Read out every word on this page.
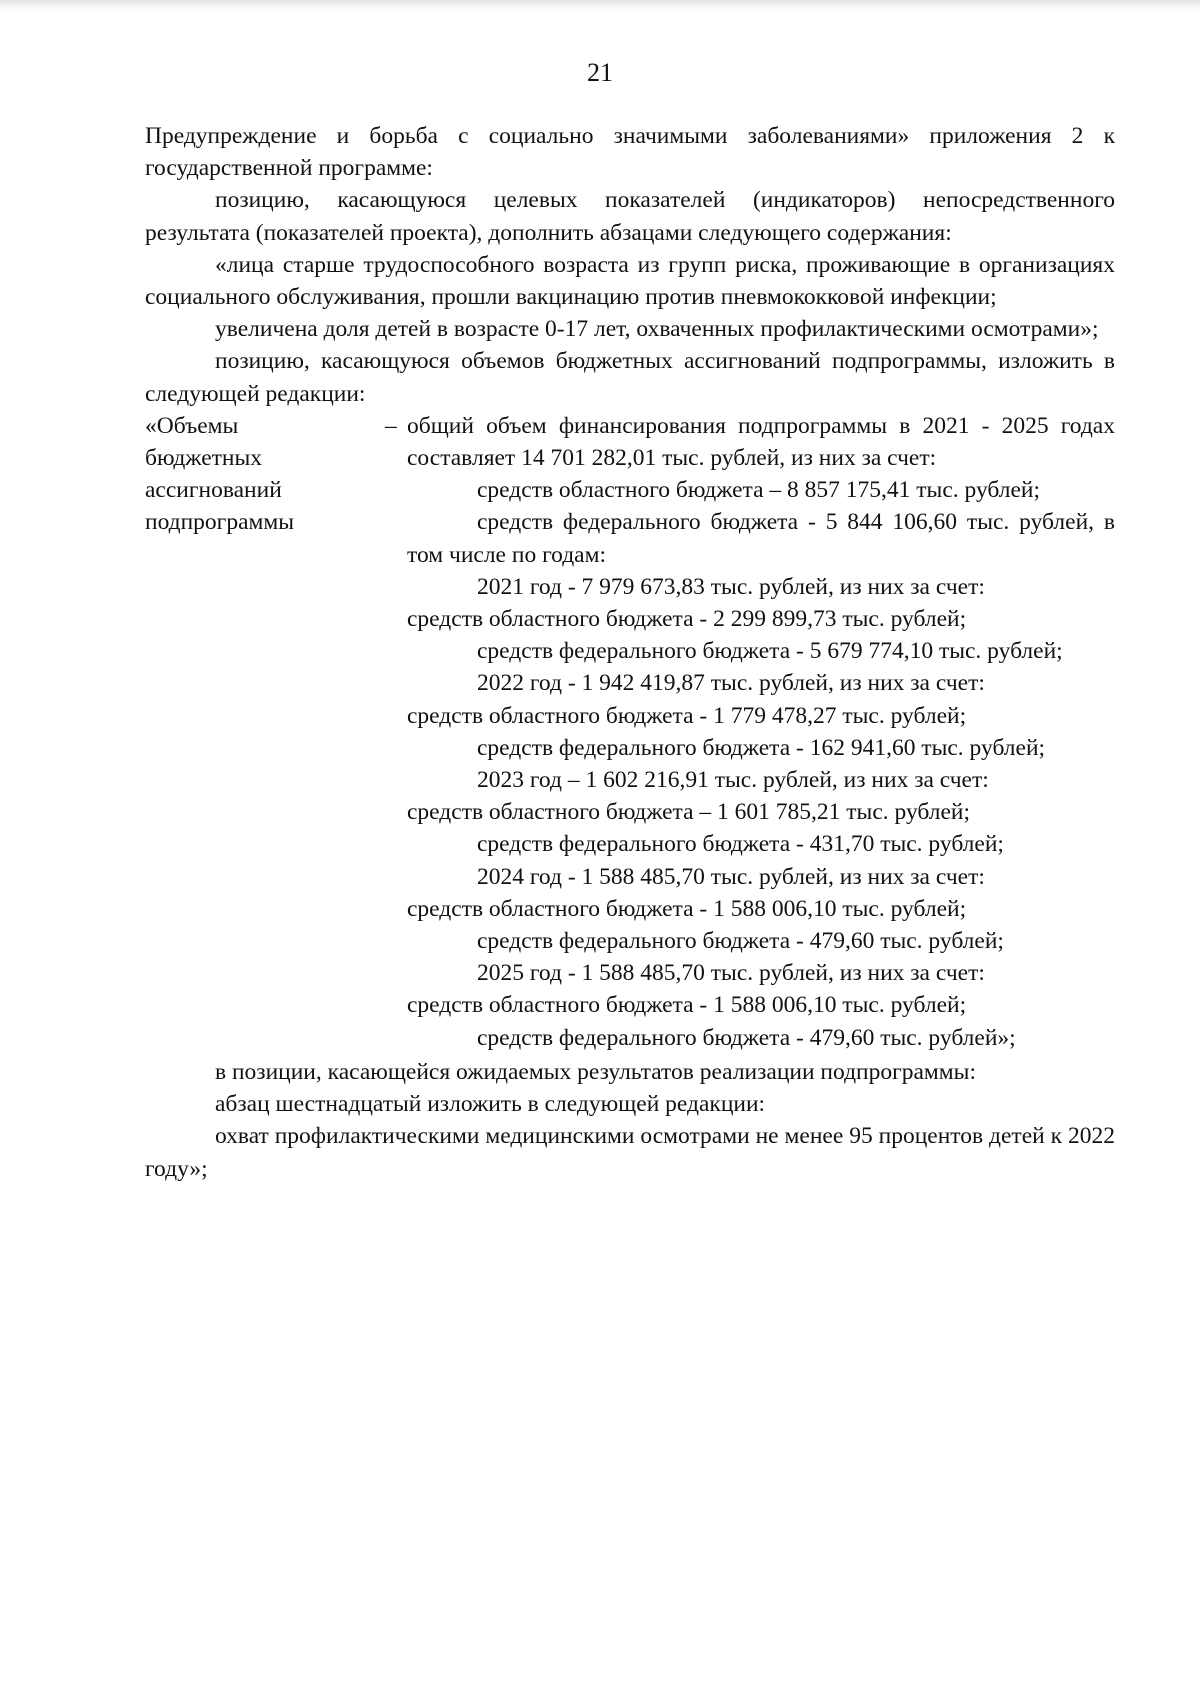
21

Предупреждение и борьба с социально значимыми заболеваниями» приложения 2 к государственной программе:

позицию, касающуюся целевых показателей (индикаторов) непосредственного результата (показателей проекта), дополнить абзацами следующего содержания:

«лица старше трудоспособного возраста из групп риска, проживающие в организациях социального обслуживания, прошли вакцинацию против пневмококковой инфекции;

увеличена доля детей в возрасте 0-17 лет, охваченных профилактическими осмотрами»;

позицию, касающуюся объемов бюджетных ассигнований подпрограммы, изложить в следующей редакции:

«Объемы
бюджетных
ассигнований
подпрограммы
– общий объем финансирования подпрограммы в 2021 - 2025 годах составляет 14 701 282,01 тыс. рублей, из них за счет:

средств областного бюджета – 8 857 175,41 тыс. рублей;

средств федерального бюджета - 5 844 106,60 тыс. рублей, в том числе по годам:

2021 год - 7 979 673,83 тыс. рублей, из них за счет:

средств областного бюджета - 2 299 899,73 тыс. рублей;

средств федерального бюджета - 5 679 774,10 тыс. рублей;

2022 год - 1 942 419,87 тыс. рублей, из них за счет:

средств областного бюджета - 1 779 478,27 тыс. рублей;

средств федерального бюджета - 162 941,60 тыс. рублей;

2023 год – 1 602 216,91 тыс. рублей, из них за счет:

средств областного бюджета – 1 601 785,21 тыс. рублей;

средств федерального бюджета - 431,70 тыс. рублей;

2024 год - 1 588 485,70 тыс. рублей, из них за счет:

средств областного бюджета - 1 588 006,10 тыс. рублей;

средств федерального бюджета - 479,60 тыс. рублей;

2025 год - 1 588 485,70 тыс. рублей, из них за счет:

средств областного бюджета - 1 588 006,10 тыс. рублей;

средств федерального бюджета - 479,60 тыс. рублей»;

в позиции, касающейся ожидаемых результатов реализации подпрограммы:

абзац шестнадцатый изложить в следующей редакции:

охват профилактическими медицинскими осмотрами не менее 95 процентов детей к 2022 году»;
